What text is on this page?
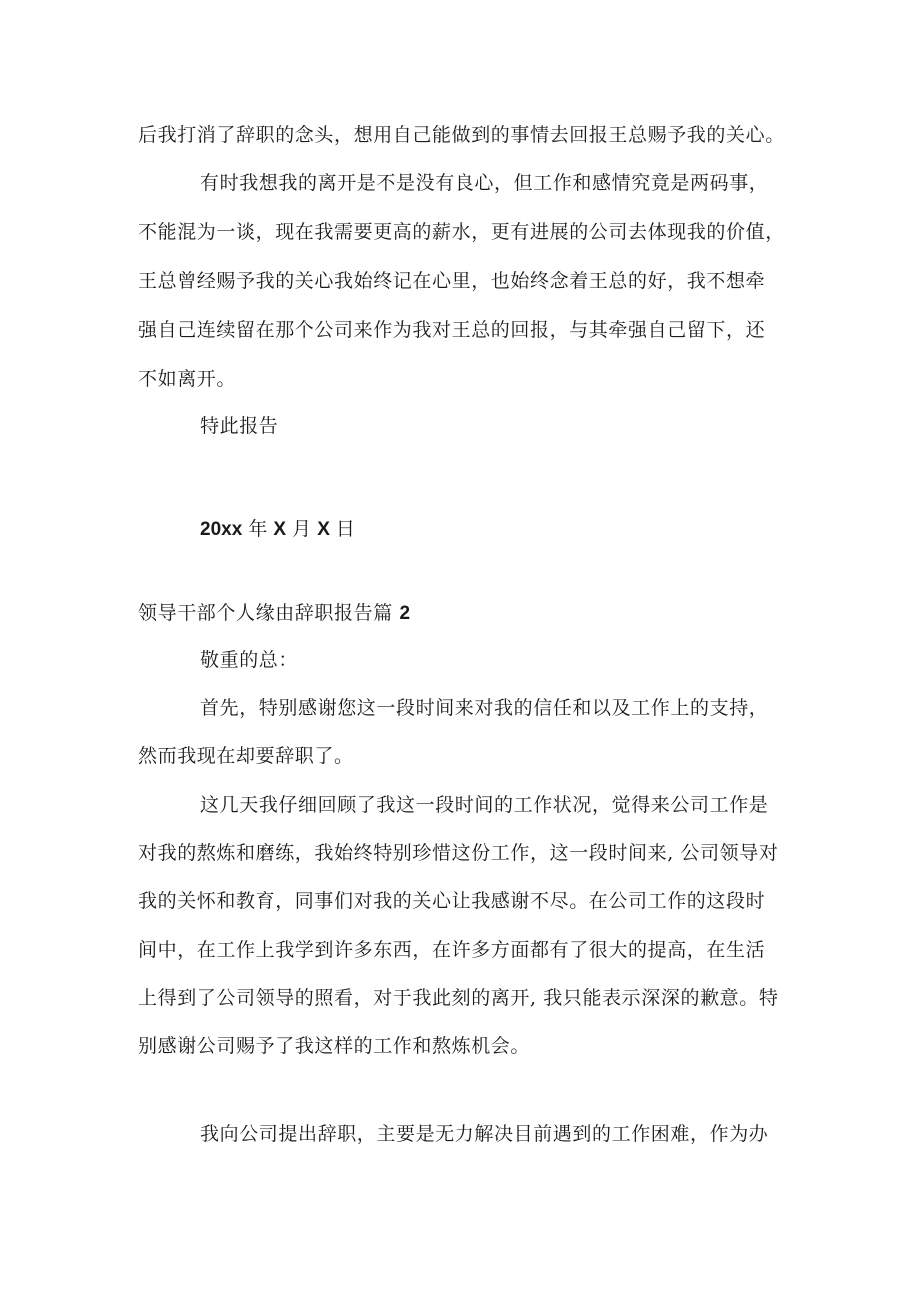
后我打消了辞职的念头，想用自己能做到的事情去回报王总赐予我的关心。
有时我想我的离开是不是没有良心，但工作和感情究竟是两码事，
不能混为一谈，现在我需要更高的薪水，更有进展的公司去体现我的价值，
王总曾经赐予我的关心我始终记在心里，也始终念着王总的好，我不想牵
强自己连续留在那个公司来作为我对王总的回报，与其牵强自己留下，还
不如离开。
特此报告
20xx 年 X 月 X 日
领导干部个人缘由辞职报告篇 2
敬重的总：
首先，特别感谢您这一段时间来对我的信任和以及工作上的支持，
然而我现在却要辞职了。
这几天我仔细回顾了我这一段时间的工作状况，觉得来公司工作是
对我的熬炼和磨练，我始终特别珍惜这份工作，这一段时间来, 公司领导对
我的关怀和教育，同事们对我的关心让我感谢不尽。在公司工作的这段时
间中，在工作上我学到许多东西，在许多方面都有了很大的提高，在生活
上得到了公司领导的照看，对于我此刻的离开, 我只能表示深深的歉意。特
别感谢公司赐予了我这样的工作和熬炼机会。
我向公司提出辞职，主要是无力解决目前遇到的工作困难，作为办
